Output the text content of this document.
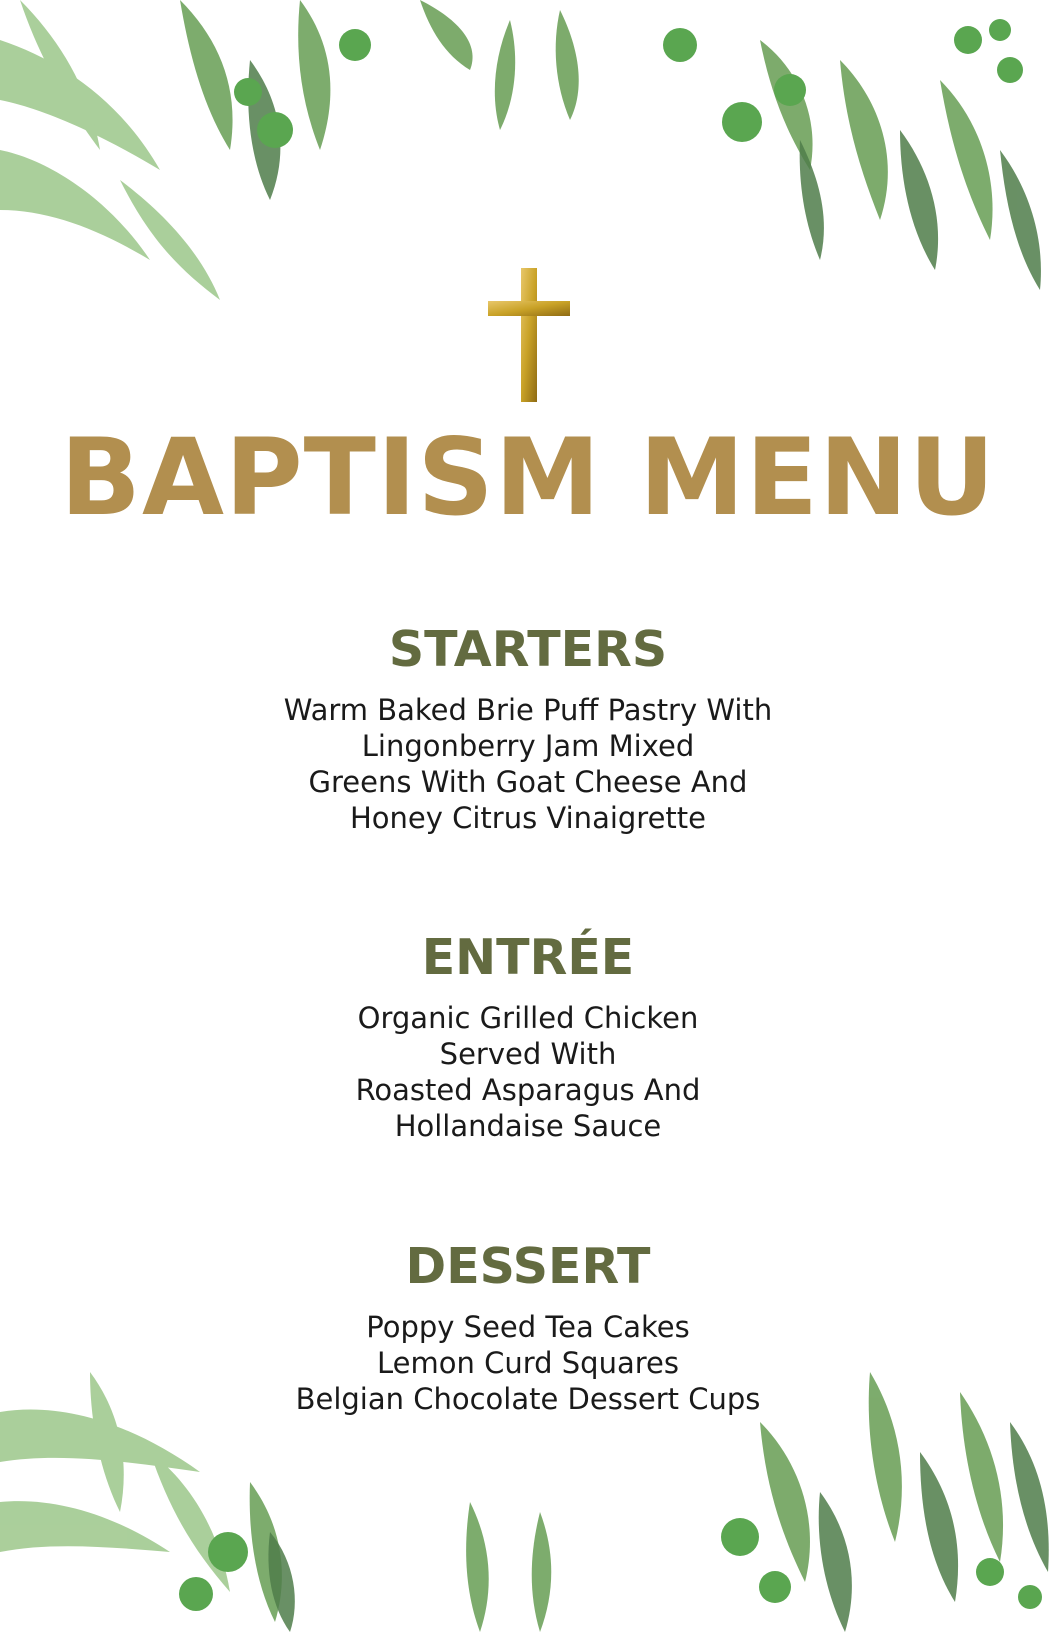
BAPTISM MENU
STARTERS
Warm Baked Brie Puff Pastry With
Lingonberry Jam Mixed
Greens With Goat Cheese And
Honey Citrus Vinaigrette
ENTRÉE
Organic Grilled Chicken
Served With
Roasted Asparagus And
Hollandaise Sauce
DESSERT
Poppy Seed Tea Cakes
Lemon Curd Squares
Belgian Chocolate Dessert Cups
